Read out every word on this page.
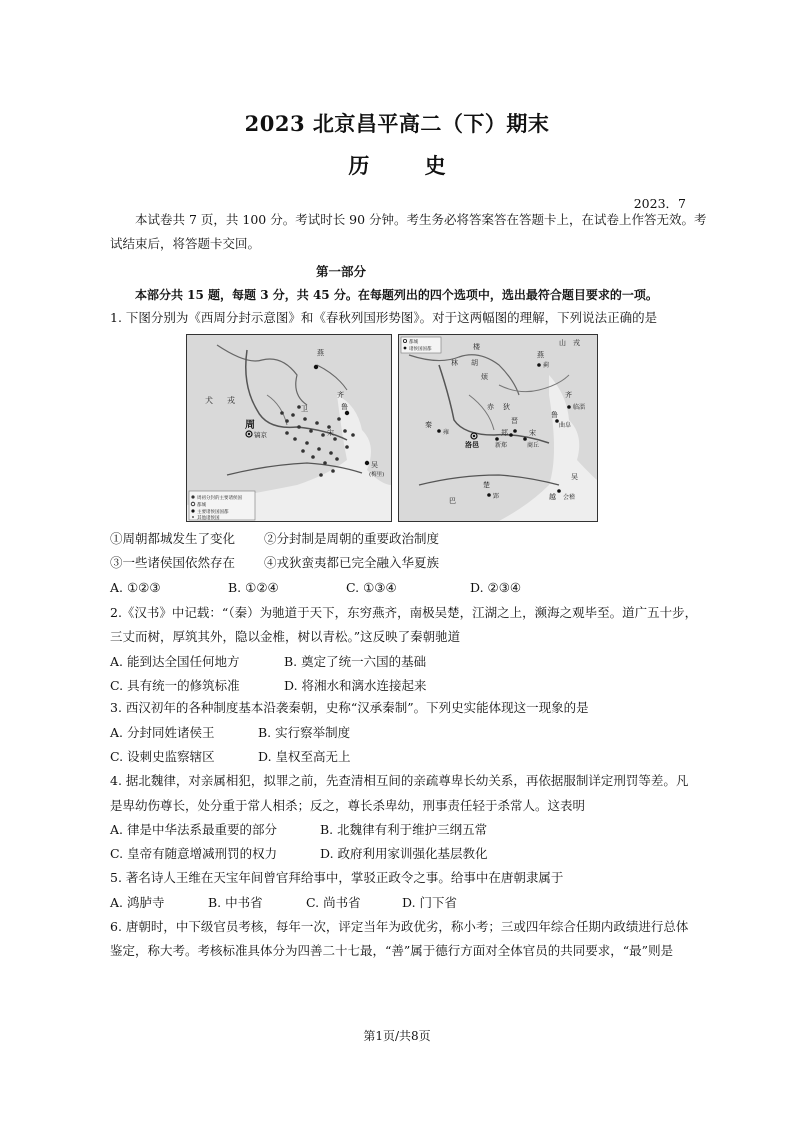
2023 北京昌平高二（下）期末
历	史
2023．7
本试卷共 7 页，共 100 分。考试时长 90 分钟。考生务必将答案答在答题卡上，在试卷上作答无效。考
试结束后，将答题卡交回。
第一部分
本部分共 15 题，每题 3 分，共 45 分。在每题列出的四个选项中，选出最符合题目要求的一项。
1. 下图分别为《西周分封示意图》和《春秋列国形势图》。对于这两幅图的理解，下列说法正确的是
燕
犬 戎
周
镐京
卫	鲁
齐
吴
宋
(梅里)
周初分封的主要诸侯国
都城
主要诸侯国国都
其他诸侯国
都城
诸侯国国都	楼
林 胡
烦
燕
蓟
山 戎
赤 狄
秦
雍
洛邑
晋
郑	宋
鲁
曲阜
齐
临淄
新郑	商丘
楚
郢
巴
吴
越 会稽
①周朝都城发生了变化 ②分封制是周朝的重要政治制度
③一些诸侯国依然存在 ④戎狄蛮夷都已完全融入华夏族
A. ①②③	B. ①②④	C. ①③④	D. ②③④
2.《汉书》中记载：“（秦）为驰道于天下，东穷燕齐，南极吴楚，江湖之上，濒海之观毕至。道广五十步，
三丈而树，厚筑其外，隐以金椎，树以青松。”这反映了秦朝驰道
A. 能到达全国任何地方	B. 奠定了统一六国的基础
C. 具有统一的修筑标准	D. 将湘水和漓水连接起来
3. 西汉初年的各种制度基本沿袭秦朝，史称“汉承秦制”。下列史实能体现这一现象的是
A. 分封同姓诸侯王	B. 实行察举制度
C. 设刺史监察辖区	D. 皇权至高无上
4. 据北魏律，对亲属相犯，拟罪之前，先查清相互间的亲疏尊卑长幼关系，再依据服制详定刑罚等差。凡
是卑幼伤尊长，处分重于常人相杀；反之，尊长杀卑幼，刑事责任轻于杀常人。这表明
A. 律是中华法系最重要的部分	B. 北魏律有利于维护三纲五常
C. 皇帝有随意增减刑罚的权力	D. 政府利用家训强化基层教化
5. 著名诗人王维在天宝年间曾官拜给事中，掌驳正政令之事。给事中在唐朝隶属于
A. 鸿胪寺	B. 中书省	C. 尚书省	D. 门下省
6. 唐朝时，中下级官员考核，每年一次，评定当年为政优劣，称小考；三或四年综合任期内政绩进行总体
鉴定，称大考。考核标准具体分为四善二十七最，“善”属于德行方面对全体官员的共同要求，“最”则是
第1页/共8页
